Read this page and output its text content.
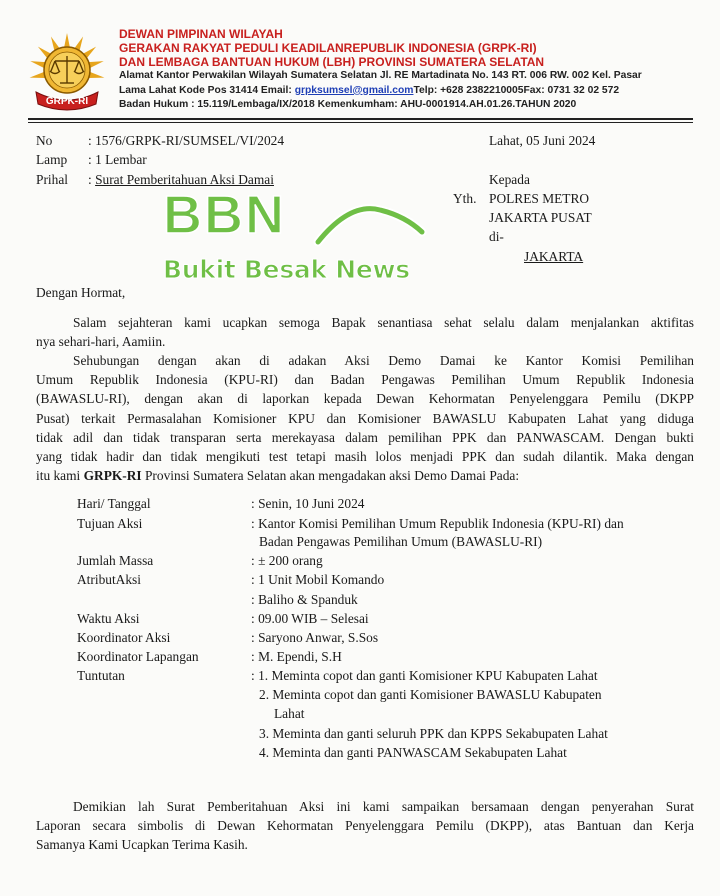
GRPK-RI
DEWAN PIMPINAN WILAYAH
GERAKAN RAKYAT PEDULI KEADILANREPUBLIK INDONESIA (GRPK-RI)
DAN LEMBAGA BANTUAN HUKUM (LBH) PROVINSI SUMATERA SELATAN
Alamat Kantor Perwakilan Wilayah Sumatera Selatan Jl. RE Martadinata No. 143 RT. 006 RW. 002 Kel. Pasar
Lama Lahat Kode Pos 31414 Email: grpksumsel@gmail.comTelp: +628 2382210005Fax: 0731 32 02 572
Badan Hukum : 15.119/Lembaga/IX/2018 Kemenkumham: AHU-0001914.AH.01.26.TAHUN 2020
No	: 1576/GRPK-RI/SUMSEL/VI/2024
Lamp : 1 Lembar
Prihal : Surat Pemberitahuan Aksi Damai
Lahat, 05 Juni 2024
Kepada
Yth. POLRES METRO
JAKARTA PUSAT
di-
JAKARTA
BBN
Bukit Besak News
Dengan Hormat,
Salam sejahteran kami ucapkan semoga Bapak senantiasa sehat selalu dalam menjalankan aktifitas
nya sehari-hari, Aamiin.
Sehubungan dengan akan di adakan Aksi Demo Damai ke Kantor Komisi Pemilihan
Umum Republik Indonesia (KPU-RI) dan Badan Pengawas Pemilihan Umum Republik Indonesia
(BAWASLU-RI), dengan akan di laporkan kepada Dewan Kehormatan Penyelenggara Pemilu (DKPP
Pusat) terkait Permasalahan Komisioner KPU dan Komisioner BAWASLU Kabupaten Lahat yang diduga
tidak adil dan tidak transparan serta merekayasa dalam pemilihan PPK dan PANWASCAM. Dengan bukti
yang tidak hadir dan tidak mengikuti test tetapi masih lolos menjadi PPK dan sudah dilantik. Maka dengan
itu kami GRPK-RI Provinsi Sumatera Selatan akan mengadakan aksi Demo Damai Pada:
Hari/ Tanggal	: Senin, 10 Juni 2024
Tujuan Aksi	: Kantor Komisi Pemilihan Umum Republik Indonesia (KPU-RI) dan
Badan Pengawas Pemilihan Umum (BAWASLU-RI)
Jumlah Massa	: ± 200 orang
AtributAksi	: 1 Unit Mobil Komando
: Baliho & Spanduk
Waktu Aksi	: 09.00 WIB – Selesai
Koordinator Aksi	: Saryono Anwar, S.Sos
Koordinator Lapangan	: M. Ependi, S.H
Tuntutan	: 1. Meminta copot dan ganti Komisioner KPU Kabupaten Lahat
2. Meminta copot dan ganti Komisioner BAWASLU Kabupaten
Lahat
3. Meminta dan ganti seluruh PPK dan KPPS Sekabupaten Lahat
4. Meminta dan ganti PANWASCAM Sekabupaten Lahat
Demikian lah Surat Pemberitahuan Aksi ini kami sampaikan bersamaan dengan penyerahan Surat
Laporan secara simbolis di Dewan Kehormatan Penyelenggara Pemilu (DKPP), atas Bantuan dan Kerja
Samanya Kami Ucapkan Terima Kasih.
